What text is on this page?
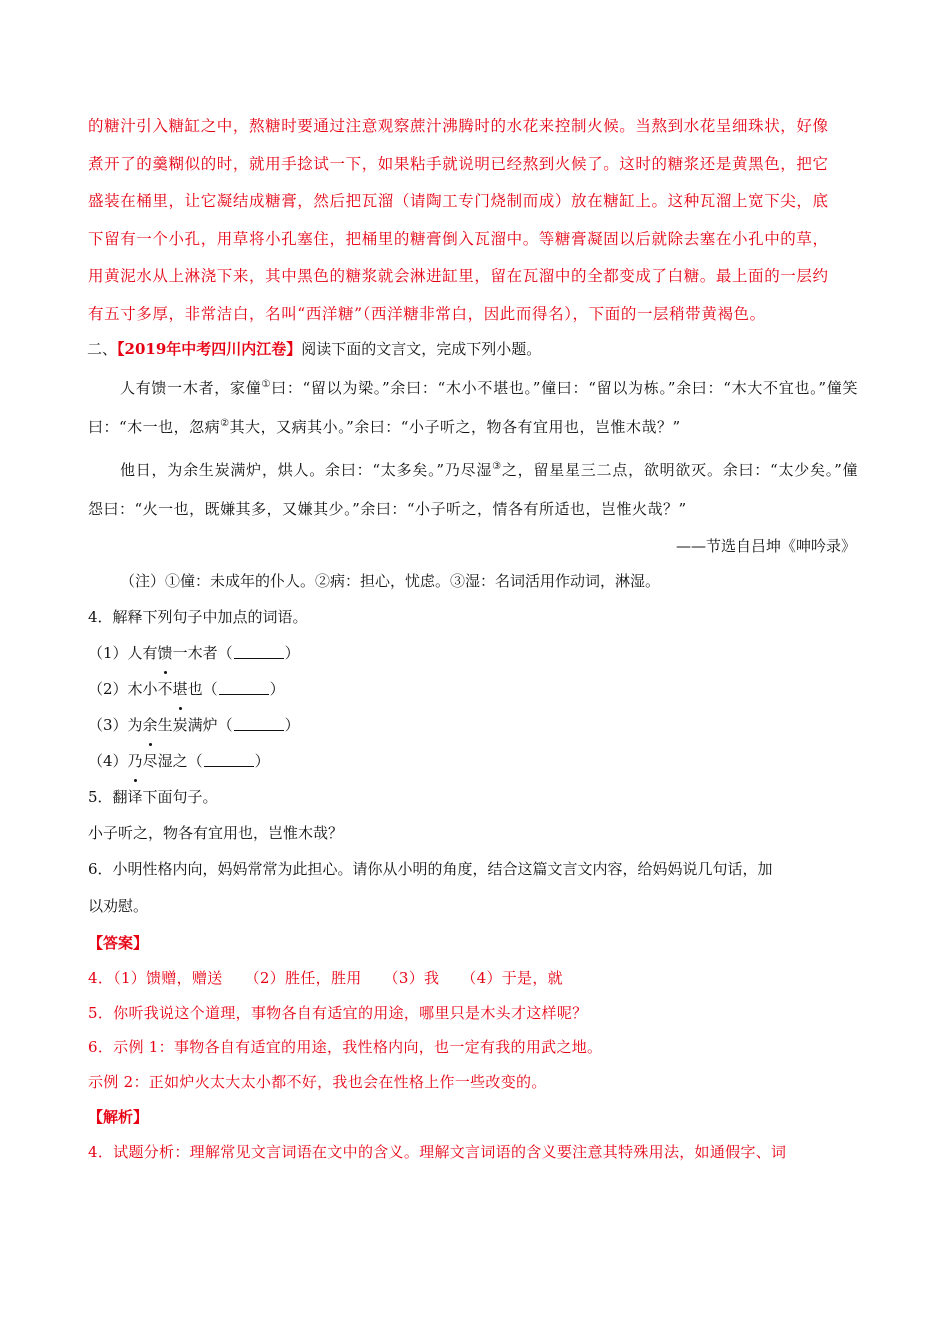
的糖汁引入糖缸之中，熬糖时要通过注意观察蔗汁沸腾时的水花来控制火候。当熬到水花呈细珠状，好像

煮开了的羹糊似的时，就用手捻试一下，如果粘手就说明已经熬到火候了。这时的糖浆还是黄黑色，把它

盛装在桶里，让它凝结成糖膏，然后把瓦溜（请陶工专门烧制而成）放在糖缸上。这种瓦溜上宽下尖，底

下留有一个小孔，用草将小孔塞住，把桶里的糖膏倒入瓦溜中。等糖膏凝固以后就除去塞在小孔中的草，

用黄泥水从上淋浇下来，其中黑色的糖浆就会淋进缸里，留在瓦溜中的全都变成了白糖。最上面的一层约

有五寸多厚，非常洁白，名叫“西洋糖”（西洋糖非常白，因此而得名），下面的一层稍带黄褐色。

二、【2019年中考四川内江卷】阅读下面的文言文，完成下列小题。

人有馈一木者，家僮①曰：“留以为梁。”余曰：“木小不堪也。”僮曰：“留以为栋。”余曰：“木大不宜也。”僮笑曰：“木一也，忽病②其大，又病其小。”余曰：“小子听之，物各有宜用也，岂惟木哉？”

他日，为余生炭满炉，烘人。余曰：“太多矣。”乃尽湿③之，留星星三二点，欲明欲灭。余曰：“太少矣。”僮怨曰：“火一也，既嫌其多，又嫌其少。”余曰：“小子听之，情各有所适也，岂惟火哉？”

——节选自吕坤《呻吟录》

（注）①僮：未成年的仆人。②病：担心，忧虑。③湿：名词活用作动词，淋湿。

4．解释下列句子中加点的词语。

（1）人有馈一木者（	）

（2）木小不堪也（	）

（3）为余生炭满炉（	）

（4）乃尽湿之（	）

5．翻译下面句子。

小子听之，物各有宜用也，岂惟木哉？

6．小明性格内向，妈妈常常为此担心。请你从小明的角度，结合这篇文言文内容，给妈妈说几句话，加

以劝慰。

【答案】

4．（1）馈赠，赠送 （2）胜任，胜用 （3）我 （4）于是，就

5．你听我说这个道理，事物各自有适宜的用途，哪里只是木头才这样呢？

6．示例 1：事物各自有适宜的用途，我性格内向，也一定有我的用武之地。

示例 2：正如炉火太大太小都不好，我也会在性格上作一些改变的。

【解析】

4．试题分析：理解常见文言词语在文中的含义。理解文言词语的含义要注意其特殊用法，如通假字、词
